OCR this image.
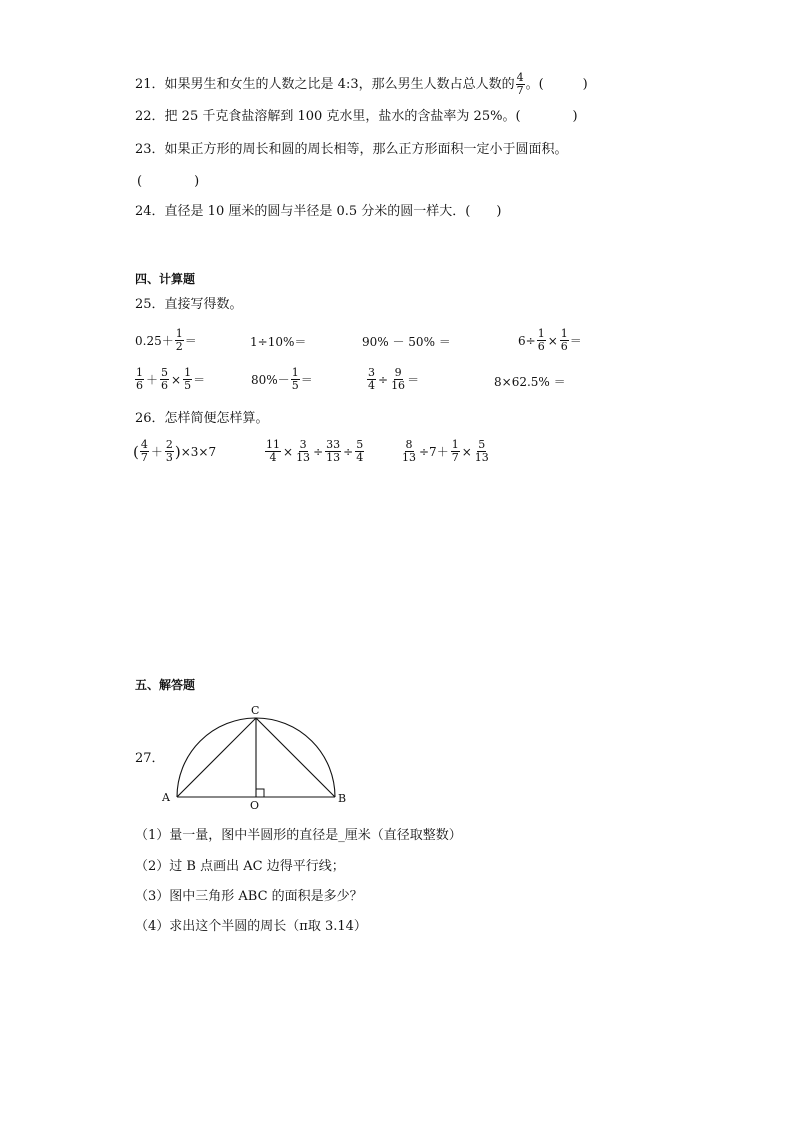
21．如果男生和女生的人数之比是 4:3，那么男生人数占总人数的 $\frac{4}{7}$ 。(　　　)
22．把 25 千克食盐溶解到 100 克水里，盐水的含盐率为 25%。(　　　　)
23．如果正方形的周长和圆的周长相等，那么正方形面积一定小于圆面积。
(　　　　)
24．直径是 10 厘米的圆与半径是 0.5 分米的圆一样大．(　　)
四、计算题
25．直接写得数。
$0.25+ \frac{1}{2}$ ＝	1÷10%＝	90% － 50% ＝	$6\div \frac{1}{6} \times \frac{1}{6}$ ＝
$\frac{1}{6} + \frac{5}{6} \times \frac{1}{5}$ ＝	$80\%- \frac{1}{5}$ ＝	$\frac{3}{4} \div \frac{9}{16}$ ＝	8×62.5% ＝
26．怎样简便怎样算。
( $\frac{4}{7} + \frac{2}{3}$ ) ×3×7	$\frac{11}{4} \times \frac{3}{13} \div \frac{33}{13} \div \frac{5}{4}$	$\frac{8}{13} \div 7+ \frac{1}{7} \times \frac{5}{13}$
五、解答题
27．
C
A	B
O
（1）量一量，图中半圆形的直径是_厘米（直径取整数）
（2）过 B 点画出 AC 边得平行线；
（3）图中三角形 ABC 的面积是多少？
（4）求出这个半圆的周长（π取 3.14）
